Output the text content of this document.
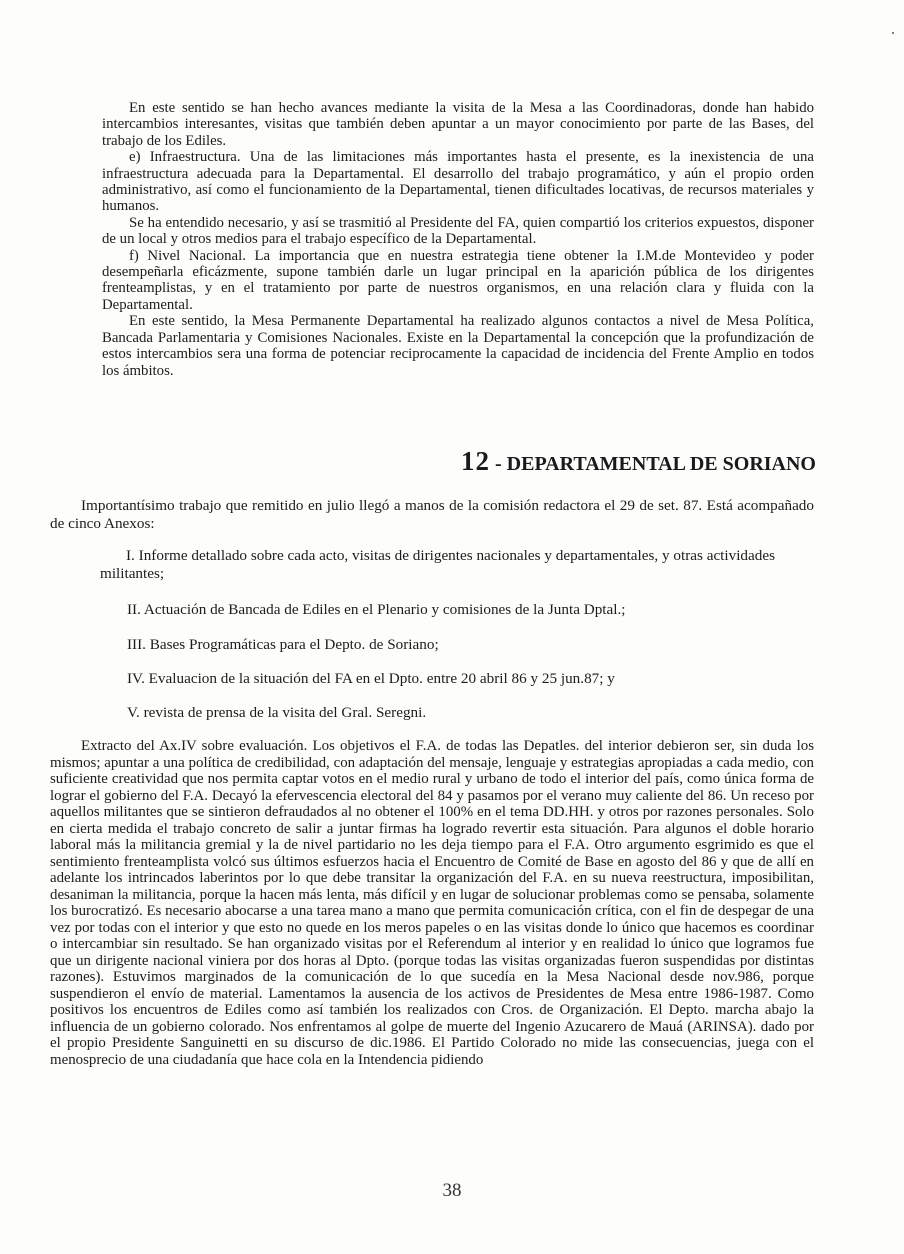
En este sentido se han hecho avances mediante la visita de la Mesa a las Coordinadoras, donde han habido intercambios interesantes, visitas que también deben apuntar a un mayor conocimiento por parte de las Bases, del trabajo de los Ediles.

e) Infraestructura. Una de las limitaciones más importantes hasta el presente, es la inexistencia de una infraestructura adecuada para la Departamental. El desarrollo del trabajo programático, y aún el propio orden administrativo, así como el funcionamiento de la Departamental, tienen dificultades locativas, de recursos materiales y humanos.

Se ha entendido necesario, y así se trasmitió al Presidente del FA, quien compartió los criterios expuestos, disponer de un local y otros medios para el trabajo específico de la Departamental.

f) Nivel Nacional. La importancia que en nuestra estrategia tiene obtener la I.M.de Montevideo y poder desempeñarla eficázmente, supone también darle un lugar principal en la aparición pública de los dirigentes frenteamplistas, y en el tratamiento por parte de nuestros organismos, en una relación clara y fluida con la Departamental.

En este sentido, la Mesa Permanente Departamental ha realizado algunos contactos a nivel de Mesa Política, Bancada Parlamentaria y Comisiones Nacionales. Existe en la Departamental la concepción que la profundización de estos intercambios sera una forma de potenciar reciprocamente la capacidad de incidencia del Frente Amplio en todos los ámbitos.

12 - DEPARTAMENTAL DE SORIANO

Importantísimo trabajo que remitido en julio llegó a manos de la comisión redactora el 29 de set. 87. Está acompañado de cinco Anexos:

I. Informe detallado sobre cada acto, visitas de dirigentes nacionales y departamentales, y otras actividades militantes;

II. Actuación de Bancada de Ediles en el Plenario y comisiones de la Junta Dptal.;

III. Bases Programáticas para el Depto. de Soriano;

IV. Evaluacion de la situación del FA en el Dpto. entre 20 abril 86 y 25 jun.87; y

V. revista de prensa de la visita del Gral. Seregni.

Extracto del Ax.IV sobre evaluación. Los objetivos el F.A. de todas las Depatles. del interior debieron ser, sin duda los mismos; apuntar a una política de credibilidad, con adaptación del mensaje, lenguaje y estrategias apropiadas a cada medio, con suficiente creatividad que nos permita captar votos en el medio rural y urbano de todo el interior del país, como única forma de lograr el gobierno del F.A. Decayó la efervescencia electoral del 84 y pasamos por el verano muy caliente del 86. Un receso por aquellos militantes que se sintieron defraudados al no obtener el 100% en el tema DD.HH. y otros por razones personales. Solo en cierta medida el trabajo concreto de salir a juntar firmas ha logrado revertir esta situación. Para algunos el doble horario laboral más la militancia gremial y la de nivel partidario no les deja tiempo para el F.A. Otro argumento esgrimido es que el sentimiento frenteamplista volcó sus últimos esfuerzos hacia el Encuentro de Comité de Base en agosto del 86 y que de allí en adelante los intrincados laberintos por lo que debe transitar la organización del F.A. en su nueva reestructura, imposibilitan, desaniman la militancia, porque la hacen más lenta, más difícil y en lugar de solucionar problemas como se pensaba, solamente los burocratizó. Es necesario abocarse a una tarea mano a mano que permita comunicación crítica, con el fin de despegar de una vez por todas con el interior y que esto no quede en los meros papeles o en las visitas donde lo único que hacemos es coordinar o intercambiar sin resultado. Se han organizado visitas por el Referendum al interior y en realidad lo único que logramos fue que un dirigente nacional viniera por dos horas al Dpto. (porque todas las visitas organizadas fueron suspendidas por distintas razones). Estuvimos marginados de la comunicación de lo que sucedía en la Mesa Nacional desde nov.986, porque suspendieron el envío de material. Lamentamos la ausencia de los activos de Presidentes de Mesa entre 1986-1987. Como positivos los encuentros de Ediles como así también los realizados con Cros. de Organización. El Depto. marcha abajo la influencia de un gobierno colorado. Nos enfrentamos al golpe de muerte del Ingenio Azucarero de Mauá (ARINSA). dado por el propio Presidente Sanguinetti en su discurso de dic.1986. El Partido Colorado no mide las consecuencias, juega con el menosprecio de una ciudadanía que hace cola en la Intendencia pidiendo

38
